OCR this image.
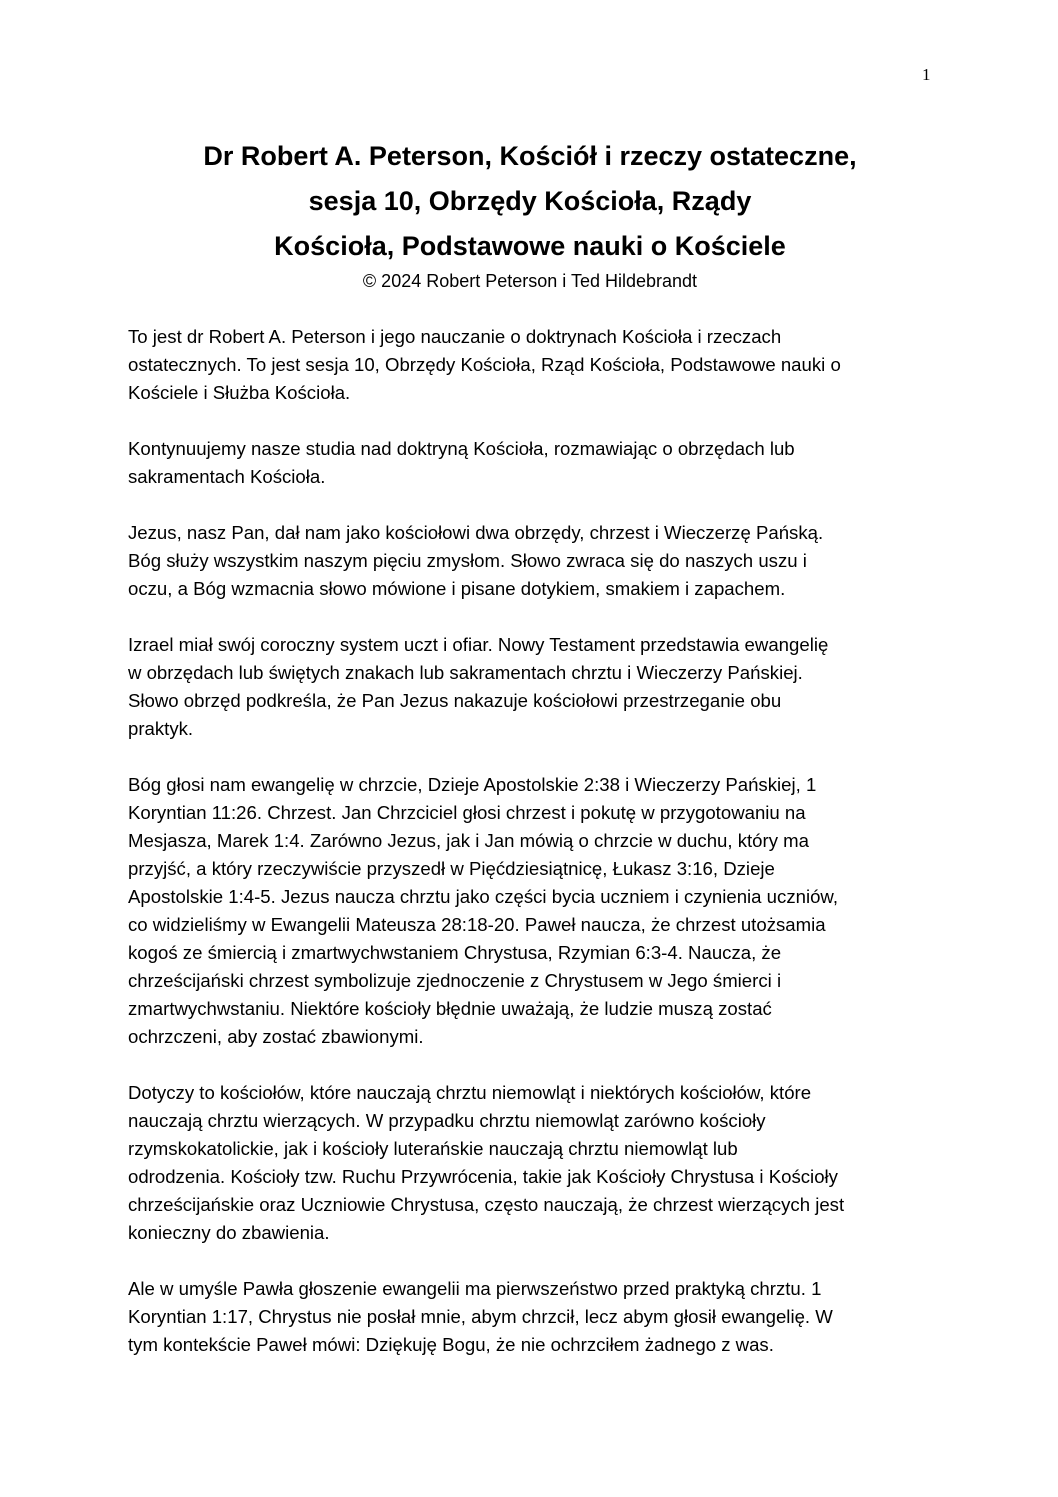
1
Dr Robert A. Peterson, Kościół i rzeczy ostateczne,
sesja 10, Obrzędy Kościoła, Rządy
Kościoła, Podstawowe nauki o Kościele
© 2024 Robert Peterson i Ted Hildebrandt

To jest dr Robert A. Peterson i jego nauczanie o doktrynach Kościoła i rzeczach
ostatecznych. To jest sesja 10, Obrzędy Kościoła, Rząd Kościoła, Podstawowe nauki o
Kościele i Służba Kościoła.

Kontynuujemy nasze studia nad doktryną Kościoła, rozmawiając o obrzędach lub
sakramentach Kościoła.

Jezus, nasz Pan, dał nam jako kościołowi dwa obrzędy, chrzest i Wieczerzę Pańską.
Bóg służy wszystkim naszym pięciu zmysłom. Słowo zwraca się do naszych uszu i
oczu, a Bóg wzmacnia słowo mówione i pisane dotykiem, smakiem i zapachem.

Izrael miał swój coroczny system uczt i ofiar. Nowy Testament przedstawia ewangelię
w obrzędach lub świętych znakach lub sakramentach chrztu i Wieczerzy Pańskiej.
Słowo obrzęd podkreśla, że Pan Jezus nakazuje kościołowi przestrzeganie obu
praktyk.

Bóg głosi nam ewangelię w chrzcie, Dzieje Apostolskie 2:38 i Wieczerzy Pańskiej, 1
Koryntian 11:26. Chrzest. Jan Chrzciciel głosi chrzest i pokutę w przygotowaniu na
Mesjasza, Marek 1:4. Zarówno Jezus, jak i Jan mówią o chrzcie w duchu, który ma
przyjść, a który rzeczywiście przyszedł w Pięćdziesiątnicę, Łukasz 3:16, Dzieje
Apostolskie 1:4-5. Jezus naucza chrztu jako części bycia uczniem i czynienia uczniów,
co widzieliśmy w Ewangelii Mateusza 28:18-20. Paweł naucza, że chrzest utożsamia
kogoś ze śmiercią i zmartwychwstaniem Chrystusa, Rzymian 6:3-4. Naucza, że
chrześcijański chrzest symbolizuje zjednoczenie z Chrystusem w Jego śmierci i
zmartwychwstaniu. Niektóre kościoły błędnie uważają, że ludzie muszą zostać
ochrzczeni, aby zostać zbawionymi.

Dotyczy to kościołów, które nauczają chrztu niemowląt i niektórych kościołów, które
nauczają chrztu wierzących. W przypadku chrztu niemowląt zarówno kościoły
rzymskokatolickie, jak i kościoły luterańskie nauczają chrztu niemowląt lub
odrodzenia. Kościoły tzw. Ruchu Przywrócenia, takie jak Kościoły Chrystusa i Kościoły
chrześcijańskie oraz Uczniowie Chrystusa, często nauczają, że chrzest wierzących jest
konieczny do zbawienia.

Ale w umyśle Pawła głoszenie ewangelii ma pierwszeństwo przed praktyką chrztu. 1
Koryntian 1:17, Chrystus nie posłał mnie, abym chrzcił, lecz abym głosił ewangelię. W
tym kontekście Paweł mówi: Dziękuję Bogu, że nie ochrzciłem żadnego z was.
